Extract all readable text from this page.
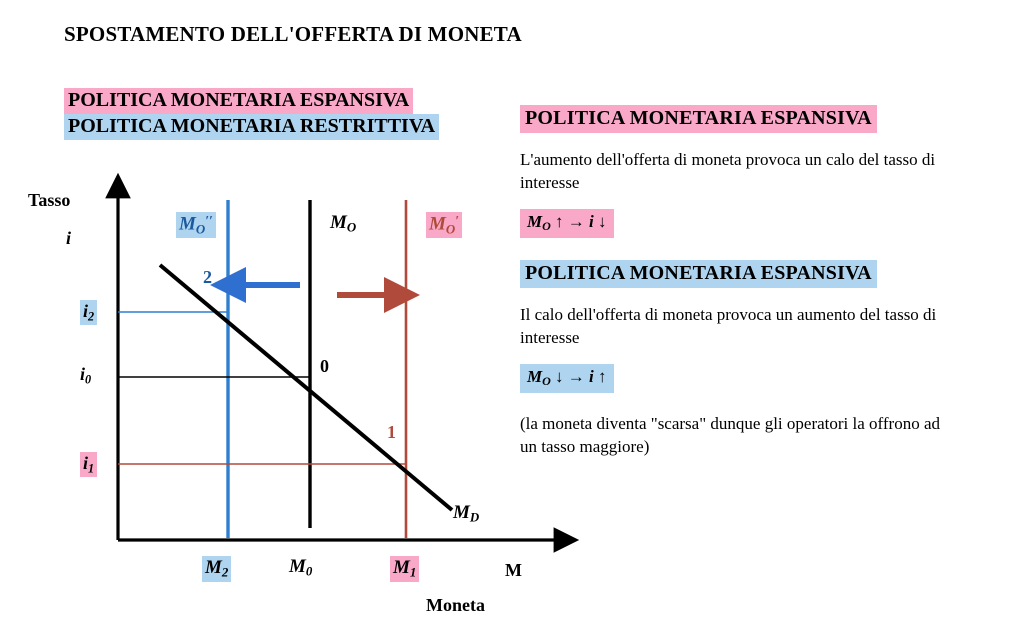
SPOSTAMENTO DELL'OFFERTA DI MONETA
POLITICA MONETARIA ESPANSIVA
POLITICA MONETARIA RESTRITTIVA	POLITICA MONETARIA ESPANSIVA
L'aumento dell'offerta di moneta provoca un calo del tasso di interesse
$M_O$ ↑ → i ↓
POLITICA MONETARIA ESPANSIVA
Il calo dell'offerta di moneta provoca un aumento del tasso di interesse
$M_O$ ↓ → i ↑
(la moneta diventa "scarsa" dunque gli operatori la offrono ad un tasso maggiore)
Tasso
i
M
Moneta
MO′′	MO	MO′
MD
2
0
1
i2
i0
i1
M2	M0	M1
